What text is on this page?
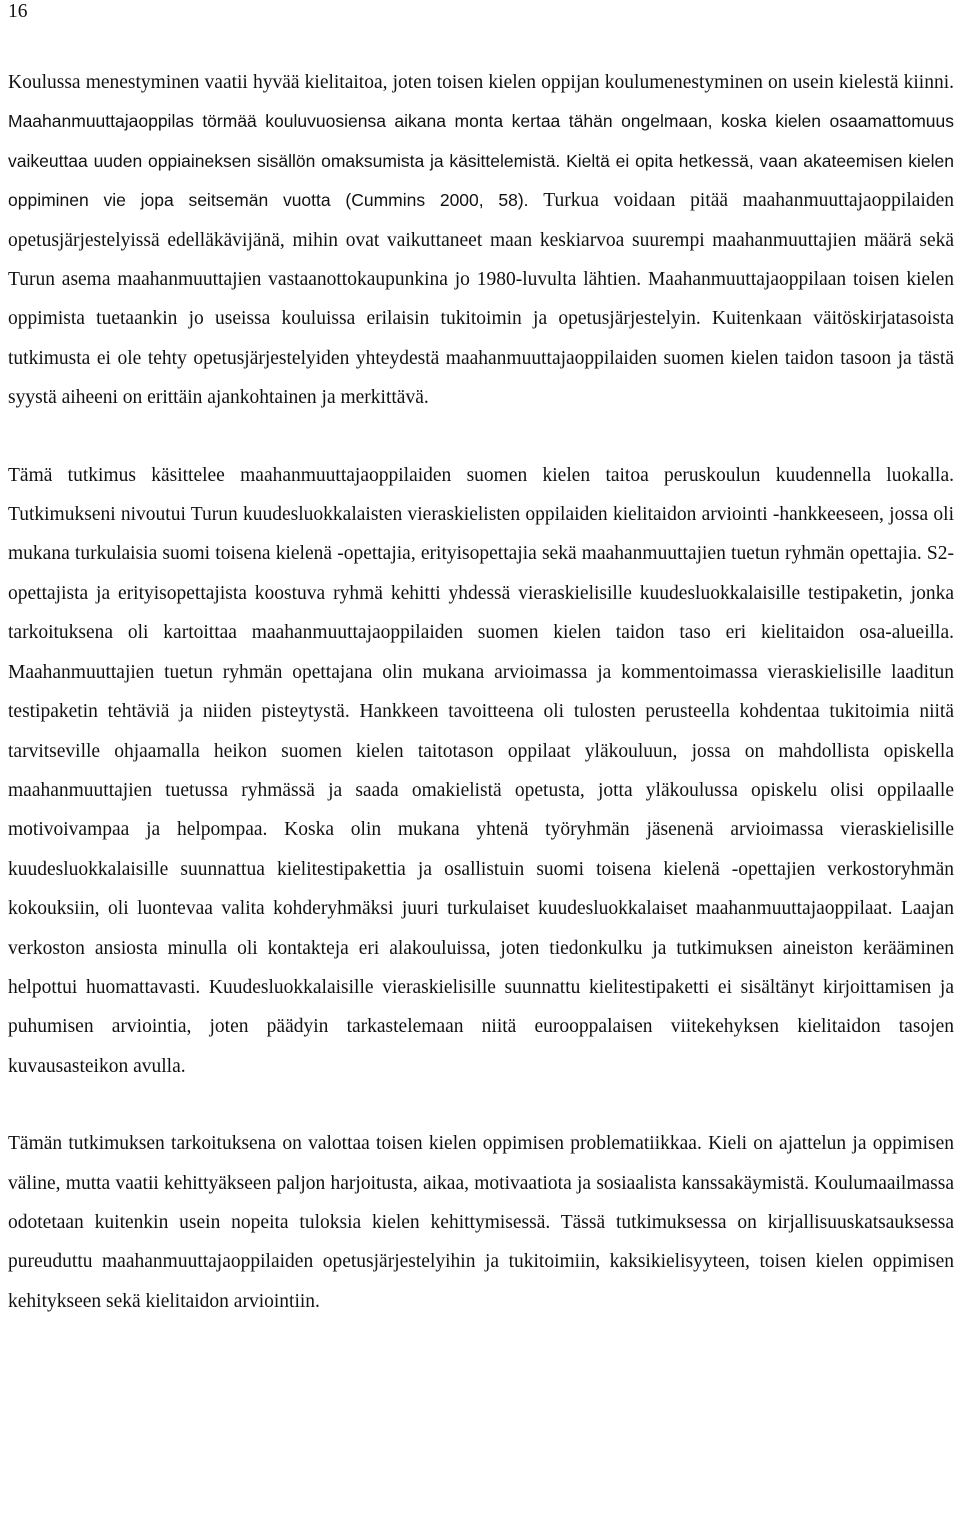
16

Koulussa menestyminen vaatii hyvää kielitaitoa, joten toisen kielen oppijan koulumenestyminen on usein kielestä kiinni. Maahanmuuttajaoppilas törmää kouluvuosiensa aikana monta kertaa tähän ongelmaan, koska kielen osaamattomuus vaikeuttaa uuden oppiaineksen sisällön omaksumista ja käsittelemistä. Kieltä ei opita hetkessä, vaan akateemisen kielen oppiminen vie jopa seitsemän vuotta (Cummins 2000, 58). Turkua voidaan pitää maahanmuuttajaoppilaiden opetusjärjestelyissä edelläkävijänä, mihin ovat vaikuttaneet maan keskiarvoa suurempi maahanmuuttajien määrä sekä Turun asema maahanmuuttajien vastaanottokaupunkina jo 1980-luvulta lähtien. Maahanmuuttajaoppilaan toisen kielen oppimista tuetaankin jo useissa kouluissa erilaisin tukitoimin ja opetusjärjestelyin. Kuitenkaan väitöskirjatasoista tutkimusta ei ole tehty opetusjärjestelyiden yhteydestä maahanmuuttajaoppilaiden suomen kielen taidon tasoon ja tästä syystä aiheeni on erittäin ajankohtainen ja merkittävä.

Tämä tutkimus käsittelee maahanmuuttajaoppilaiden suomen kielen taitoa peruskoulun kuudennella luokalla. Tutkimukseni nivoutui Turun kuudesluokkalaisten vieraskielisten oppilaiden kielitaidon arviointi -hankkeeseen, jossa oli mukana turkulaisia suomi toisena kielenä -opettajia, erityisopettajia sekä maahanmuuttajien tuetun ryhmän opettajia. S2-opettajista ja erityisopettajista koostuva ryhmä kehitti yhdessä vieraskielisille kuudesluokkalaisille testipaketin, jonka tarkoituksena oli kartoittaa maahanmuuttajaoppilaiden suomen kielen taidon taso eri kielitaidon osa-alueilla. Maahanmuuttajien tuetun ryhmän opettajana olin mukana arvioimassa ja kommentoimassa vieraskielisille laaditun testipaketin tehtäviä ja niiden pisteytystä. Hankkeen tavoitteena oli tulosten perusteella kohdentaa tukitoimia niitä tarvitseville ohjaamalla heikon suomen kielen taitotason oppilaat yläkouluun, jossa on mahdollista opiskella maahanmuuttajien tuetussa ryhmässä ja saada omakielistä opetusta, jotta yläkoulussa opiskelu olisi oppilaalle motivoivampaa ja helpompaa. Koska olin mukana yhtenä työryhmän jäsenenä arvioimassa vieraskielisille kuudesluokkalaisille suunnattua kielitestipakettia ja osallistuin suomi toisena kielenä -opettajien verkostoryhmän kokouksiin, oli luontevaa valita kohderyhmäksi juuri turkulaiset kuudesluokkalaiset maahanmuuttajaoppilaat. Laajan verkoston ansiosta minulla oli kontakteja eri alakouluissa, joten tiedonkulku ja tutkimuksen aineiston kerääminen helpottui huomattavasti. Kuudesluokkalaisille vieraskielisille suunnattu kielitestipaketti ei sisältänyt kirjoittamisen ja puhumisen arviointia, joten päädyin tarkastelemaan niitä eurooppalaisen viitekehyksen kielitaidon tasojen kuvausasteikon avulla.

Tämän tutkimuksen tarkoituksena on valottaa toisen kielen oppimisen problematiikkaa. Kieli on ajattelun ja oppimisen väline, mutta vaatii kehittyäkseen paljon harjoitusta, aikaa, motivaatiota ja sosiaalista kanssakäymistä. Koulumaailmassa odotetaan kuitenkin usein nopeita tuloksia kielen kehittymisessä. Tässä tutkimuksessa on kirjallisuuskatsauksessa pureuduttu maahanmuuttajaoppilaiden opetusjärjestelyihin ja tukitoimiin, kaksikielisyyteen, toisen kielen oppimisen kehitykseen sekä kielitaidon arviointiin.
